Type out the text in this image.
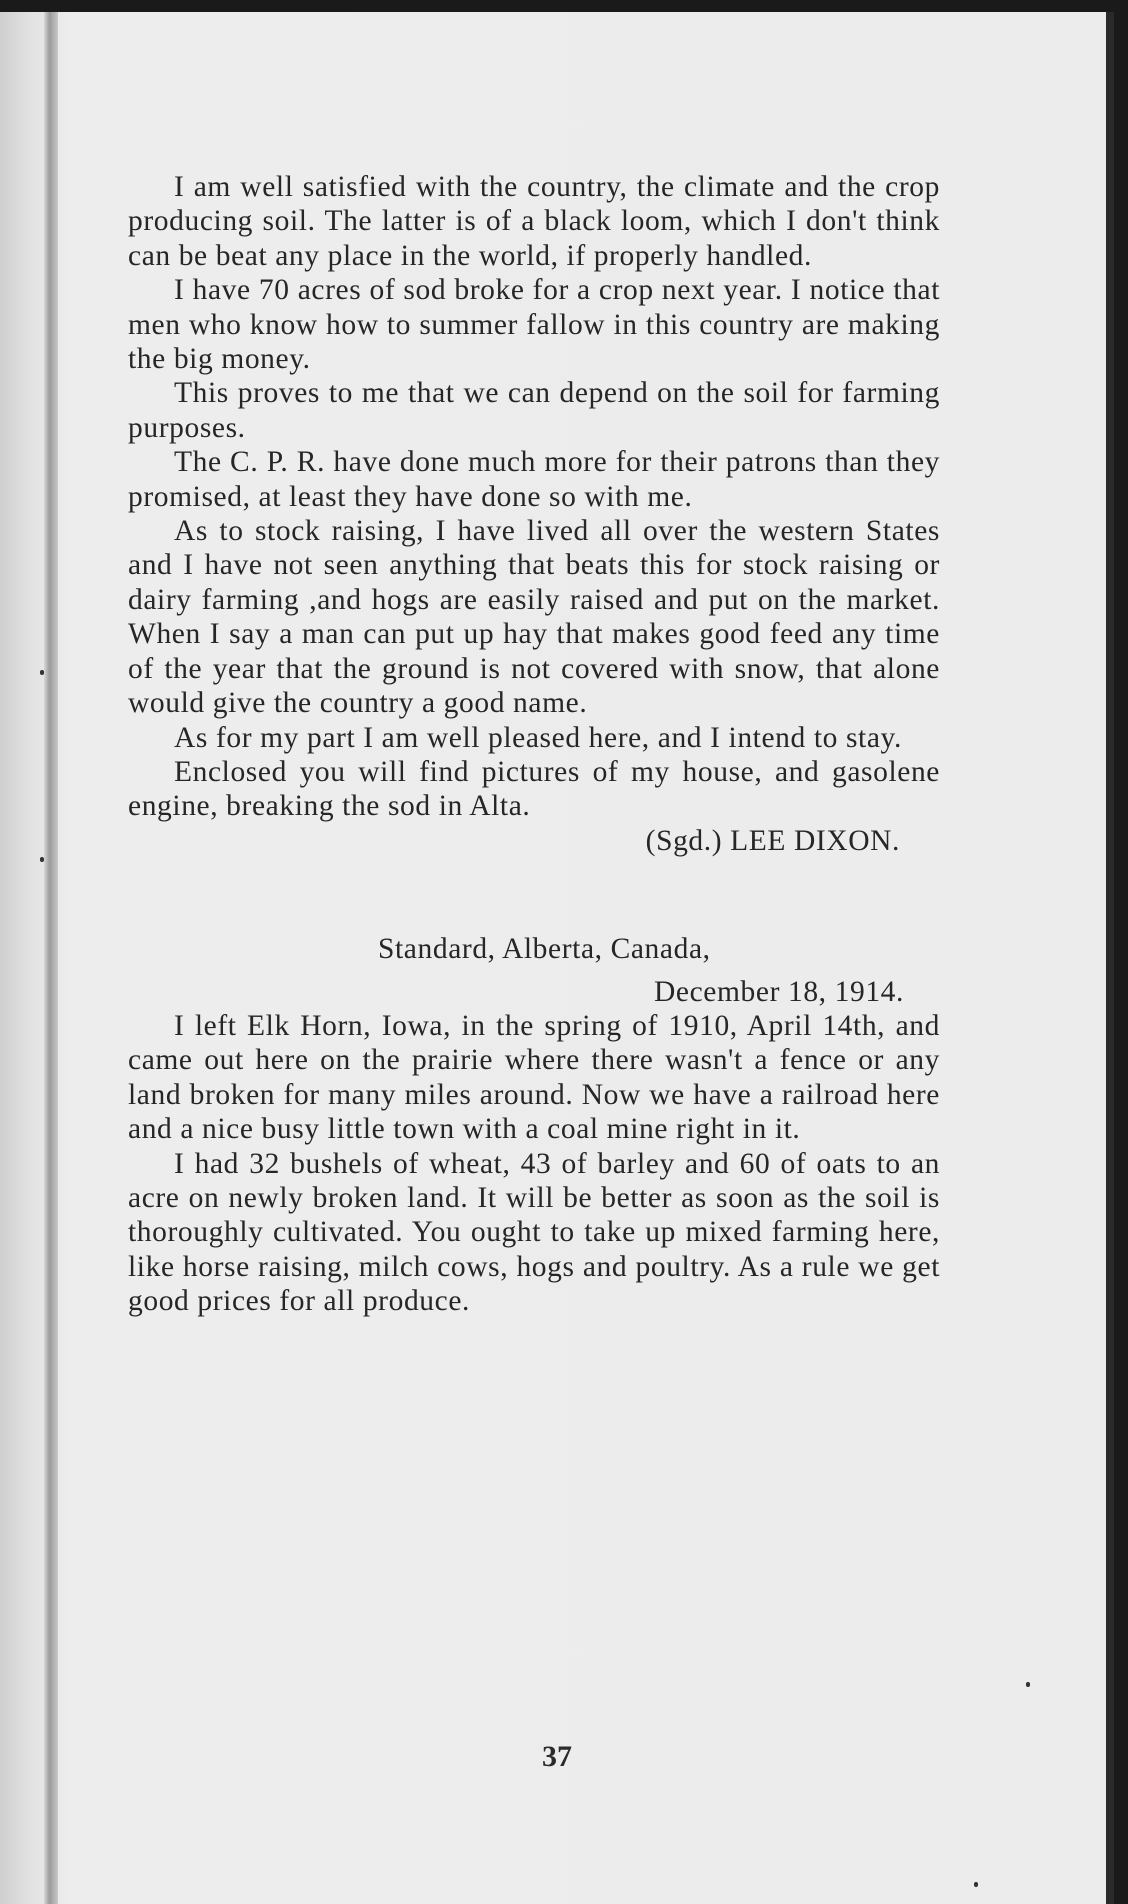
I am well satisfied with the country, the climate and the crop producing soil. The latter is of a black loom, which I don't think can be beat any place in the world, if properly handled.

I have 70 acres of sod broke for a crop next year. I notice that men who know how to summer fallow in this country are making the big money.

This proves to me that we can depend on the soil for farming purposes.

The C. P. R. have done much more for their patrons than they promised, at least they have done so with me.

As to stock raising, I have lived all over the western States and I have not seen anything that beats this for stock raising or dairy farming ,and hogs are easily raised and put on the market. When I say a man can put up hay that makes good feed any time of the year that the ground is not covered with snow, that alone would give the country a good name.

As for my part I am well pleased here, and I intend to stay.

Enclosed you will find pictures of my house, and gasolene engine, breaking the sod in Alta.

(Sgd.) LEE DIXON.

Standard, Alberta, Canada,

December 18, 1914.

I left Elk Horn, Iowa, in the spring of 1910, April 14th, and came out here on the prairie where there wasn't a fence or any land broken for many miles around. Now we have a railroad here and a nice busy little town with a coal mine right in it.

I had 32 bushels of wheat, 43 of barley and 60 of oats to an acre on newly broken land. It will be better as soon as the soil is thoroughly cultivated. You ought to take up mixed farming here, like horse raising, milch cows, hogs and poultry. As a rule we get good prices for all produce.

37
